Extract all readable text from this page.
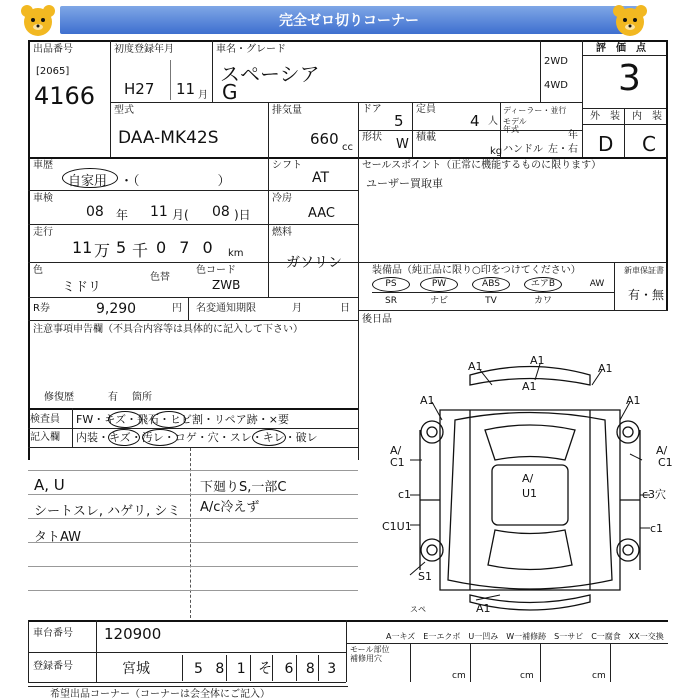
完全ゼロ切りコーナー
出品番号
[2065]
4166
初度登録年月
H27 11 月
車名・グレード
スペーシア
G
2WD
4WD
評　価　点
3
外　装 内　装
D C
型式
DAA-MK42S
排気量
660 cc
ドア
5
定員
4 人
ディーラー・並行
モデル
年式
年
形状 W 積載
kg ハンドル 左・右
車歴
自家用 ・（　　　　　　）
シフト
AT
車検
08 年 11 月( 08 )日
冷房
AAC
走行
11 万 5 千 0 7 0 km
燃料
ガソリン
色
ミドリ
色替
色コード
ZWB
R券	9,290	円 名変通知期限	月	日
注意事項申告欄（不具合内容等は具体的に記入して下さい）
修復歴	有 箇所
検査員 FW・キズ・飛石・ヒビ割・リペア跡・×要
記入欄 内装・キズ・汚レ・コゲ・穴・スレ・キレ・破レ
A, U
シートスレ, ハゲリ, シミ
タトAW
下廻りS,一部C
A/c冷えず
セールスポイント（正常に機能するものに限ります）
ユーザー買取車
装備品（純正品に限り○印をつけてください）	新車保証書
有・無
PS	PW	ABS	エアB	AW
SR	ナビ	TV	カワ
後日品
A1	A1
A1
A1	A1
A1
A/
C1
A/
C1
c1
C1U1
c3穴
c1
A/
U1
S1
スペ	A1
車台番号 120900
登録番号	宮城	5 8 1 そ 6 8 3
A一キズ　E一エクボ　U一凹み　W一補修跡　S一サビ　C一腐食　XX一交換
モール部位
補修用穴
cm	cm	cm
希望出品コーナー（コーナーは会全体にご記入）
